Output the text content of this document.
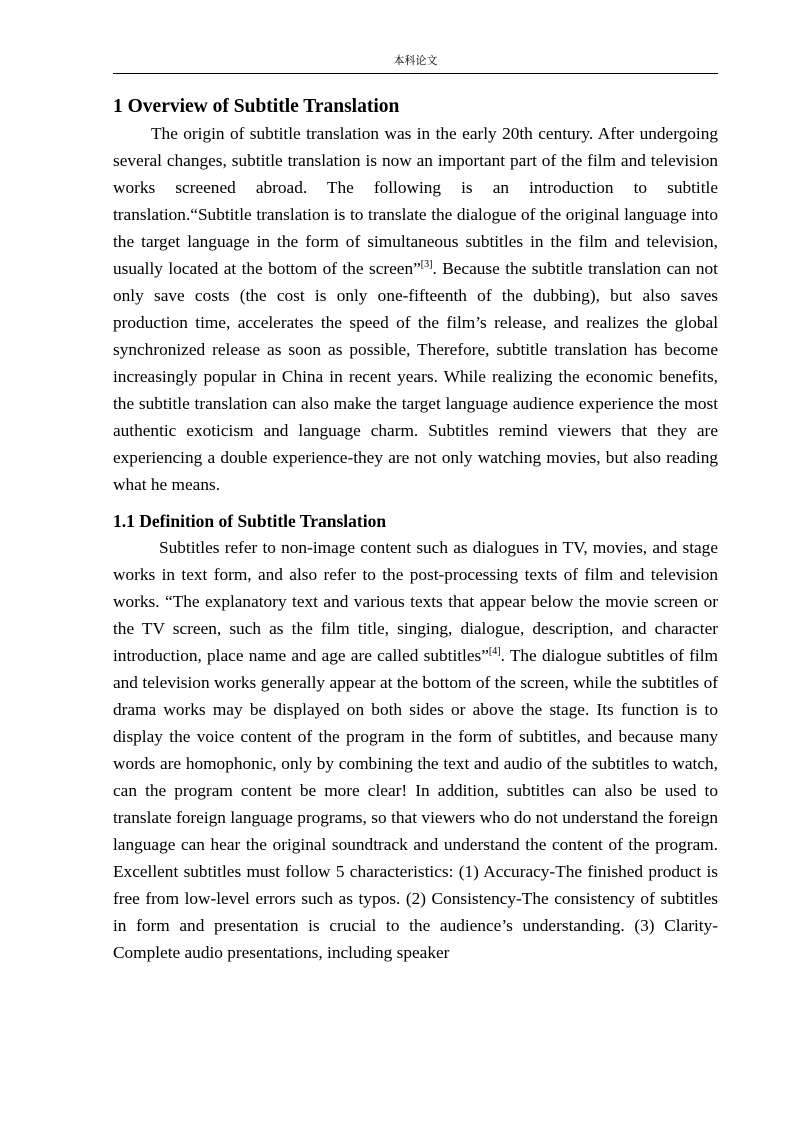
本科论文
1 Overview of Subtitle Translation

The origin of subtitle translation was in the early 20th century. After undergoing several changes, subtitle translation is now an important part of the film and television works screened abroad. The following is an introduction to subtitle translation.“Subtitle translation is to translate the dialogue of the original language into the target language in the form of simultaneous subtitles in the film and television, usually located at the bottom of the screen”[3]. Because the subtitle translation can not only save costs (the cost is only one-fifteenth of the dubbing), but also saves production time, accelerates the speed of the film’s release, and realizes the global synchronized release as soon as possible, Therefore, subtitle translation has become increasingly popular in China in recent years. While realizing the economic benefits, the subtitle translation can also make the target language audience experience the most authentic exoticism and language charm. Subtitles remind viewers that they are experiencing a double experience-they are not only watching movies, but also reading what he means.

1.1 Definition of Subtitle Translation

Subtitles refer to non-image content such as dialogues in TV, movies, and stage works in text form, and also refer to the post-processing texts of film and television works. “The explanatory text and various texts that appear below the movie screen or the TV screen, such as the film title, singing, dialogue, description, and character introduction, place name and age are called subtitles”[4]. The dialogue subtitles of film and television works generally appear at the bottom of the screen, while the subtitles of drama works may be displayed on both sides or above the stage. Its function is to display the voice content of the program in the form of subtitles, and because many words are homophonic, only by combining the text and audio of the subtitles to watch, can the program content be more clear! In addition, subtitles can also be used to translate foreign language programs, so that viewers who do not understand the foreign language can hear the original soundtrack and understand the content of the program. Excellent subtitles must follow 5 characteristics: (1) Accuracy-The finished product is free from low-level errors such as typos. (2) Consistency-The consistency of subtitles in form and presentation is crucial to the audience’s understanding. (3) Clarity-Complete audio presentations, including speaker
